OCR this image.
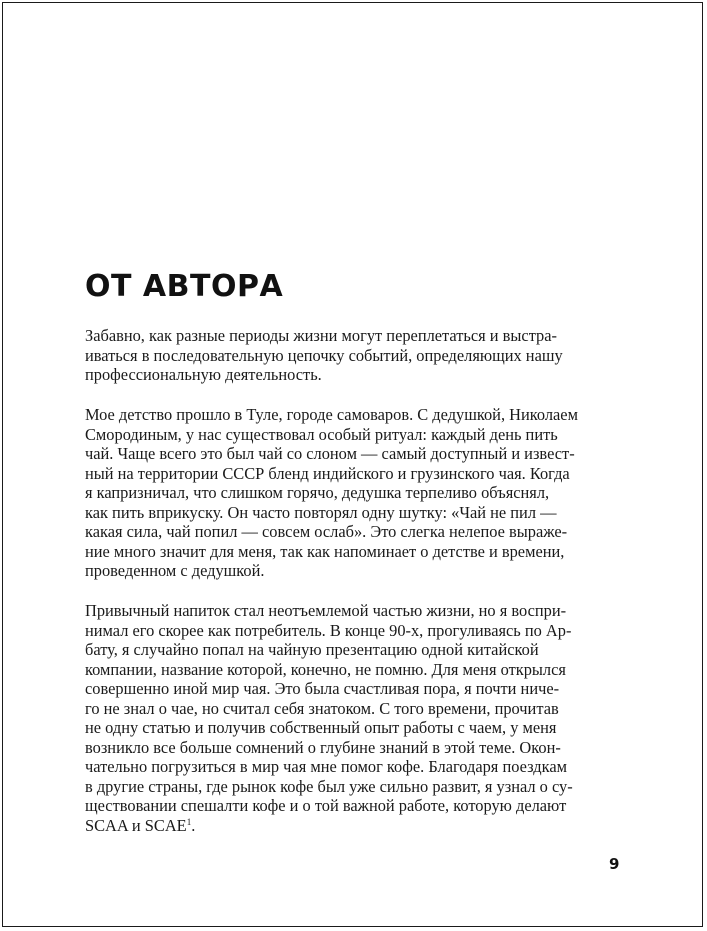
ОТ АВТОРА
Забавно, как разные периоды жизни могут переплетаться и выстра-
иваться в последовательную цепочку событий, определяющих нашу
профессиональную деятельность.
Мое детство прошло в Туле, городе самоваров. С дедушкой, Николаем
Смородиным, у нас существовал особый ритуал: каждый день пить
чай. Чаще всего это был чай со слоном — самый доступный и извест-
ный на территории СССР бленд индийского и грузинского чая. Когда
я капризничал, что слишком горячо, дедушка терпеливо объяснял,
как пить вприкуску. Он часто повторял одну шутку: «Чай не пил —
какая сила, чай попил — совсем ослаб». Это слегка нелепое выраже-
ние много значит для меня, так как напоминает о детстве и времени,
проведенном с дедушкой.
Привычный напиток стал неотъемлемой частью жизни, но я воспри-
нимал его скорее как потребитель. В конце 90-х, прогуливаясь по Ар-
бату, я случайно попал на чайную презентацию одной китайской
компании, название которой, конечно, не помню. Для меня открылся
совершенно иной мир чая. Это была счастливая пора, я почти ниче-
го не знал о чае, но считал себя знатоком. С того времени, прочитав
не одну статью и получив собственный опыт работы с чаем, у меня
возникло все больше сомнений о глубине знаний в этой теме. Окон-
чательно погрузиться в мир чая мне помог кофе. Благодаря поездкам
в другие страны, где рынок кофе был уже сильно развит, я узнал о су-
ществовании спешалти кофе и о той важной работе, которую делают
SCAA и SCAE$^1$.
9
